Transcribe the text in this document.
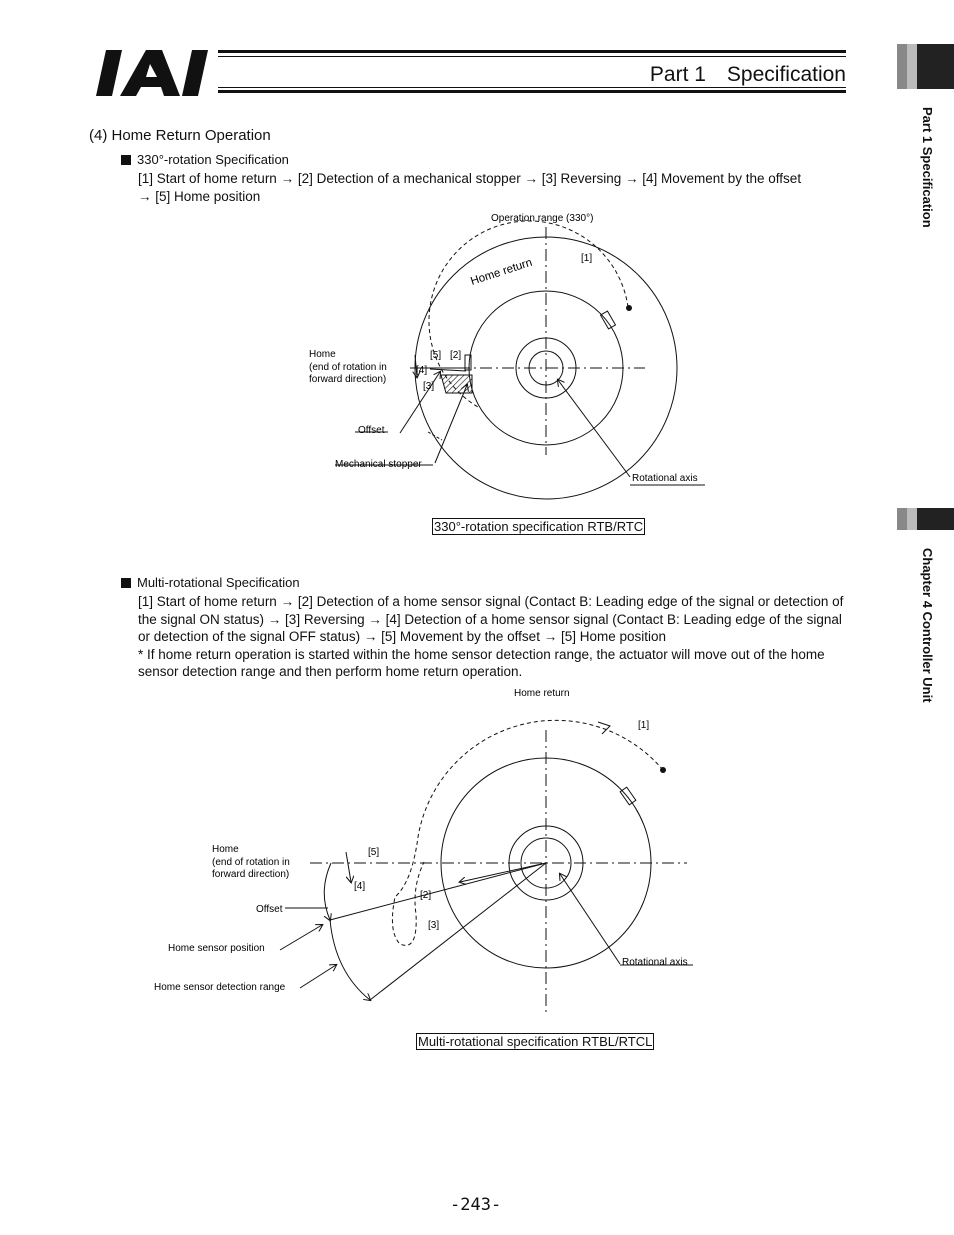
Part 1　Specification
Part 1 Specification
Chapter 4 Controller Unit
(4) Home Return Operation
330°-rotation Specification

[1] Start of home return → [2] Detection of a mechanical stopper → [3] Reversing → [4] Movement by the offset

→ [5] Home position

Operation range (330°)
Home return	[1]
[2]
[5]
[4]
[3]
Home
(end of rotation in
forward direction)
Offset
Mechanical stopper
Rotational axis
330°-rotation specification RTB/RTC
Multi-rotational Specification

[1] Start of home return → [2] Detection of a home sensor signal (Contact B: Leading edge of the signal or detection of

the signal ON status) → [3] Reversing → [4] Detection of a home sensor signal (Contact B: Leading edge of the signal

or detection of the signal OFF status) → [5] Movement by the offset → [5] Home position

* If home return operation is started within the home sensor detection range, the actuator will move out of the home

sensor detection range and then perform home return operation.

Home return
[1]
[2]
[3]
[4]
[5]
Home
(end of rotation in
forward direction)
Offset
Home sensor position
Home sensor detection range
Rotational axis
Multi-rotational specification RTBL/RTCL
-243-
